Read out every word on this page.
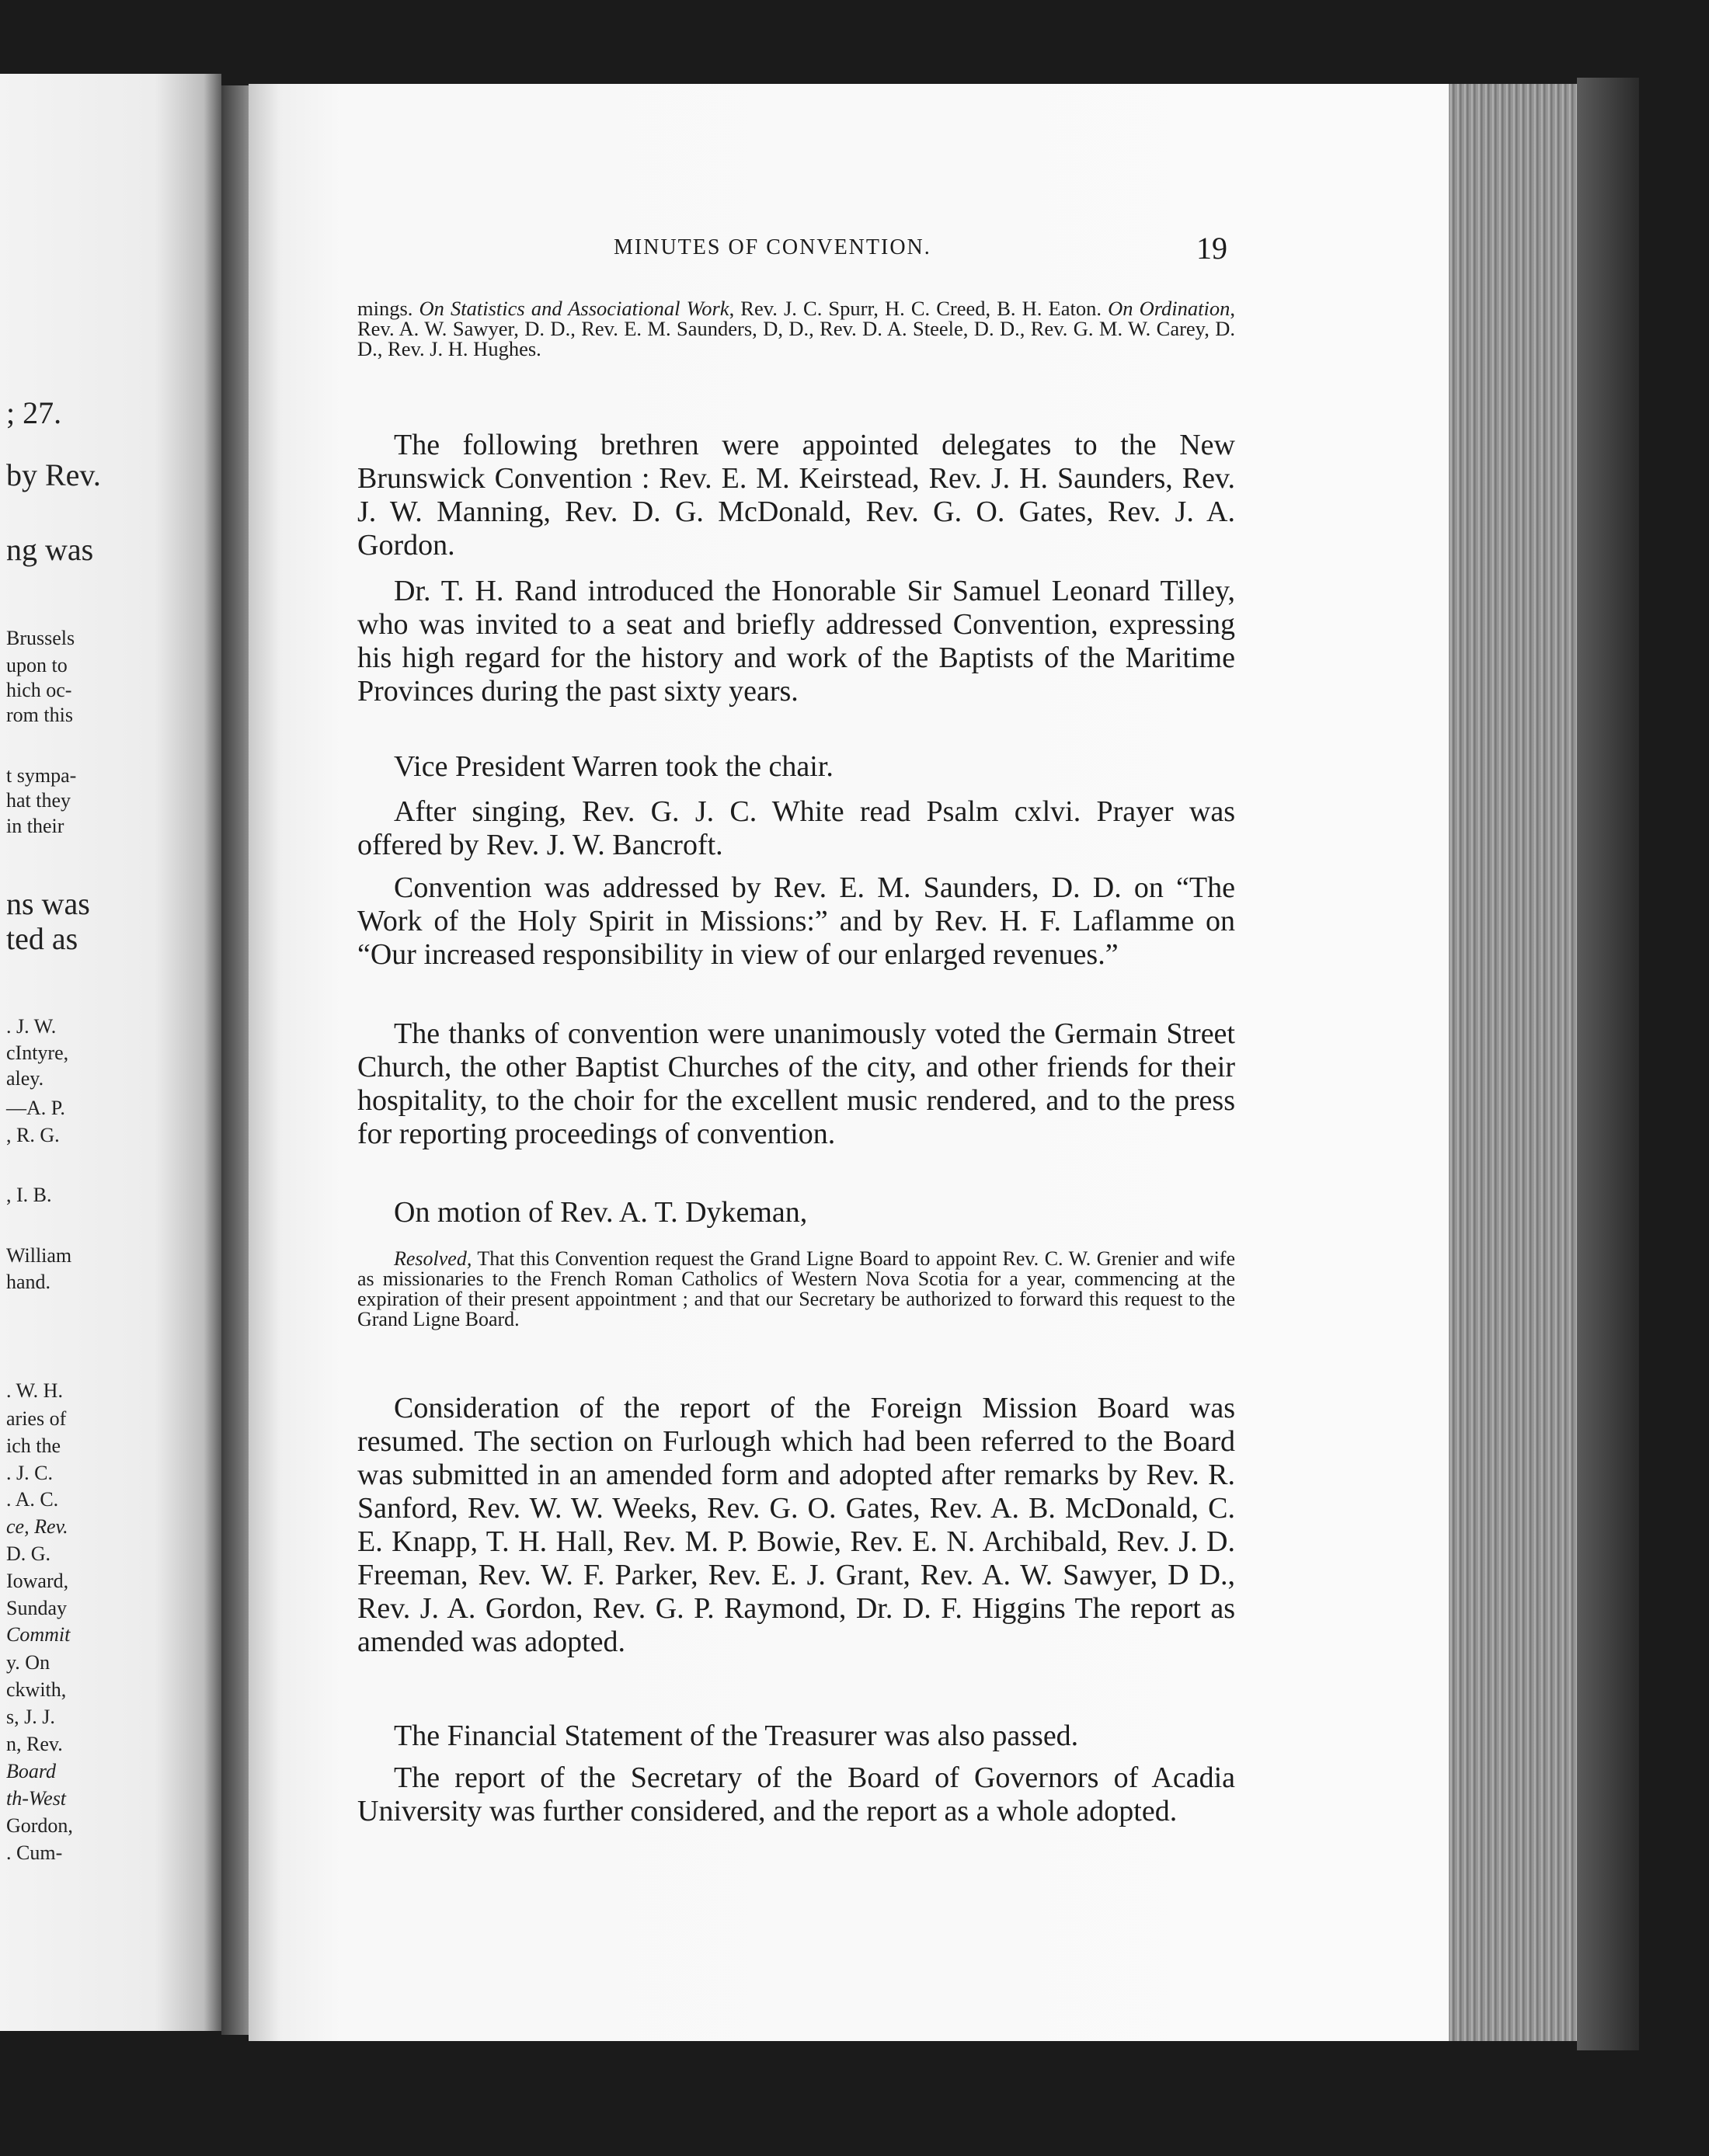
; 27.
by Rev.
ng was
Brussels
upon to
hich oc-
rom this
t sympa-
hat they
in their
ns was
ted as
. J. W.
cIntyre,
aley.
—A. P.
, R. G.
, I. B.
William
hand.
. W. H.
aries of
ich the
. J. C.
. A. C.
ce, Rev.
D. G.
Ioward,
Sunday
Commit
y. On
ckwith,
s, J. J.
n, Rev.
Board
th-West
Gordon,
. Cum-
MINUTES OF CONVENTION.	19

mings. On Statistics and Associational Work, Rev. J. C. Spurr, H. C. Creed, B. H. Eaton. On Ordination, Rev. A. W. Sawyer, D. D., Rev. E. M. Saunders, D, D., Rev. D. A. Steele, D. D., Rev. G. M. W. Carey, D. D., Rev. J. H. Hughes.

The following brethren were appointed delegates to the New Brunswick Convention : Rev. E. M. Keirstead, Rev. J. H. Saunders, Rev. J. W. Manning, Rev. D. G. McDonald, Rev. G. O. Gates, Rev. J. A. Gordon.

Dr. T. H. Rand introduced the Honorable Sir Samuel Leonard Tilley, who was invited to a seat and briefly addressed Convention, expressing his high regard for the history and work of the Baptists of the Maritime Provinces during the past sixty years.

Vice President Warren took the chair.

After singing, Rev. G. J. C. White read Psalm cxlvi. Prayer was offered by Rev. J. W. Bancroft.

Convention was addressed by Rev. E. M. Saunders, D. D. on “The Work of the Holy Spirit in Missions:” and by Rev. H. F. Laflamme on “Our increased responsibility in view of our enlarged revenues.”

The thanks of convention were unanimously voted the Germain Street Church, the other Baptist Churches of the city, and other friends for their hospitality, to the choir for the excellent music rendered, and to the press for reporting proceedings of convention.

On motion of Rev. A. T. Dykeman,

Resolved, That this Convention request the Grand Ligne Board to appoint Rev. C. W. Grenier and wife as missionaries to the French Roman Catholics of Western Nova Scotia for a year, commencing at the expiration of their present appointment ; and that our Secretary be authorized to forward this request to the Grand Ligne Board.

Consideration of the report of the Foreign Mission Board was resumed. The section on Furlough which had been referred to the Board was submitted in an amended form and adopted after remarks by Rev. R. Sanford, Rev. W. W. Weeks, Rev. G. O. Gates, Rev. A. B. McDonald, C. E. Knapp, T. H. Hall, Rev. M. P. Bowie, Rev. E. N. Archibald, Rev. J. D. Freeman, Rev. W. F. Parker, Rev. E. J. Grant, Rev. A. W. Sawyer, D D., Rev. J. A. Gordon, Rev. G. P. Raymond, Dr. D. F. Higgins The report as amended was adopted.

The Financial Statement of the Treasurer was also passed.

The report of the Secretary of the Board of Governors of Acadia University was further considered, and the report as a whole adopted.
